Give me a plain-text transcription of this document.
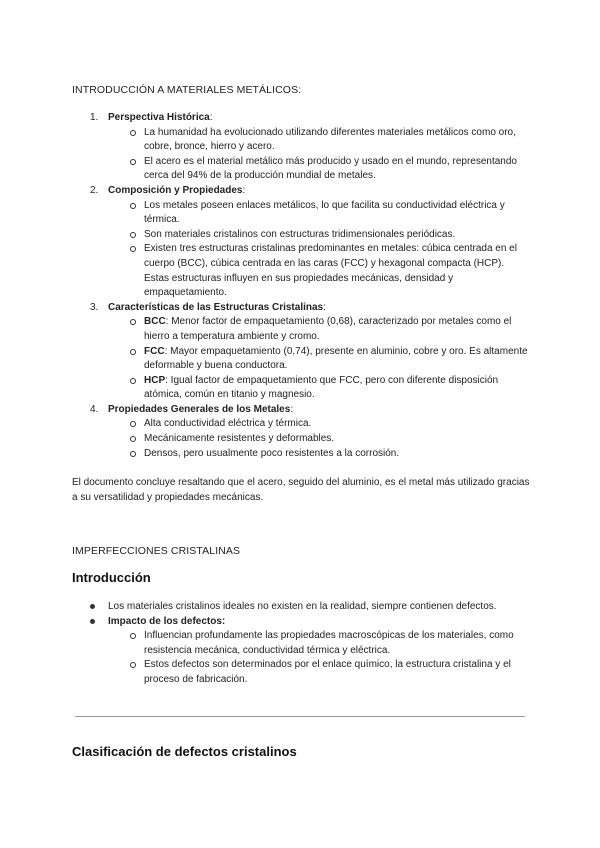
INTRODUCCIÓN A MATERIALES METÁLICOS:
1. Perspectiva Histórica:
La humanidad ha evolucionado utilizando diferentes materiales metálicos como oro, cobre, bronce, hierro y acero.
El acero es el material metálico más producido y usado en el mundo, representando cerca del 94% de la producción mundial de metales.
2. Composición y Propiedades:
Los metales poseen enlaces metálicos, lo que facilita su conductividad eléctrica y térmica.
Son materiales cristalinos con estructuras tridimensionales periódicas.
Existen tres estructuras cristalinas predominantes en metales: cúbica centrada en el cuerpo (BCC), cúbica centrada en las caras (FCC) y hexagonal compacta (HCP). Estas estructuras influyen en sus propiedades mecánicas, densidad y empaquetamiento.
3. Características de las Estructuras Cristalinas:
BCC: Menor factor de empaquetamiento (0,68), caracterizado por metales como el hierro a temperatura ambiente y cromo.
FCC: Mayor empaquetamiento (0,74), presente en aluminio, cobre y oro. Es altamente deformable y buena conductora.
HCP: Igual factor de empaquetamiento que FCC, pero con diferente disposición atómica, común en titanio y magnesio.
4. Propiedades Generales de los Metales:
Alta conductividad eléctrica y térmica.
Mecánicamente resistentes y deformables.
Densos, pero usualmente poco resistentes a la corrosión.

El documento concluye resaltando que el acero, seguido del aluminio, es el metal más utilizado gracias a su versatilidad y propiedades mecánicas.

IMPERFECCIONES CRISTALINAS
Introducción
Los materiales cristalinos ideales no existen en la realidad, siempre contienen defectos.
Impacto de los defectos:
Influencian profundamente las propiedades macroscópicas de los materiales, como resistencia mecánica, conductividad térmica y eléctrica.
Estos defectos son determinados por el enlace químico, la estructura cristalina y el proceso de fabricación.
Clasificación de defectos cristalinos
